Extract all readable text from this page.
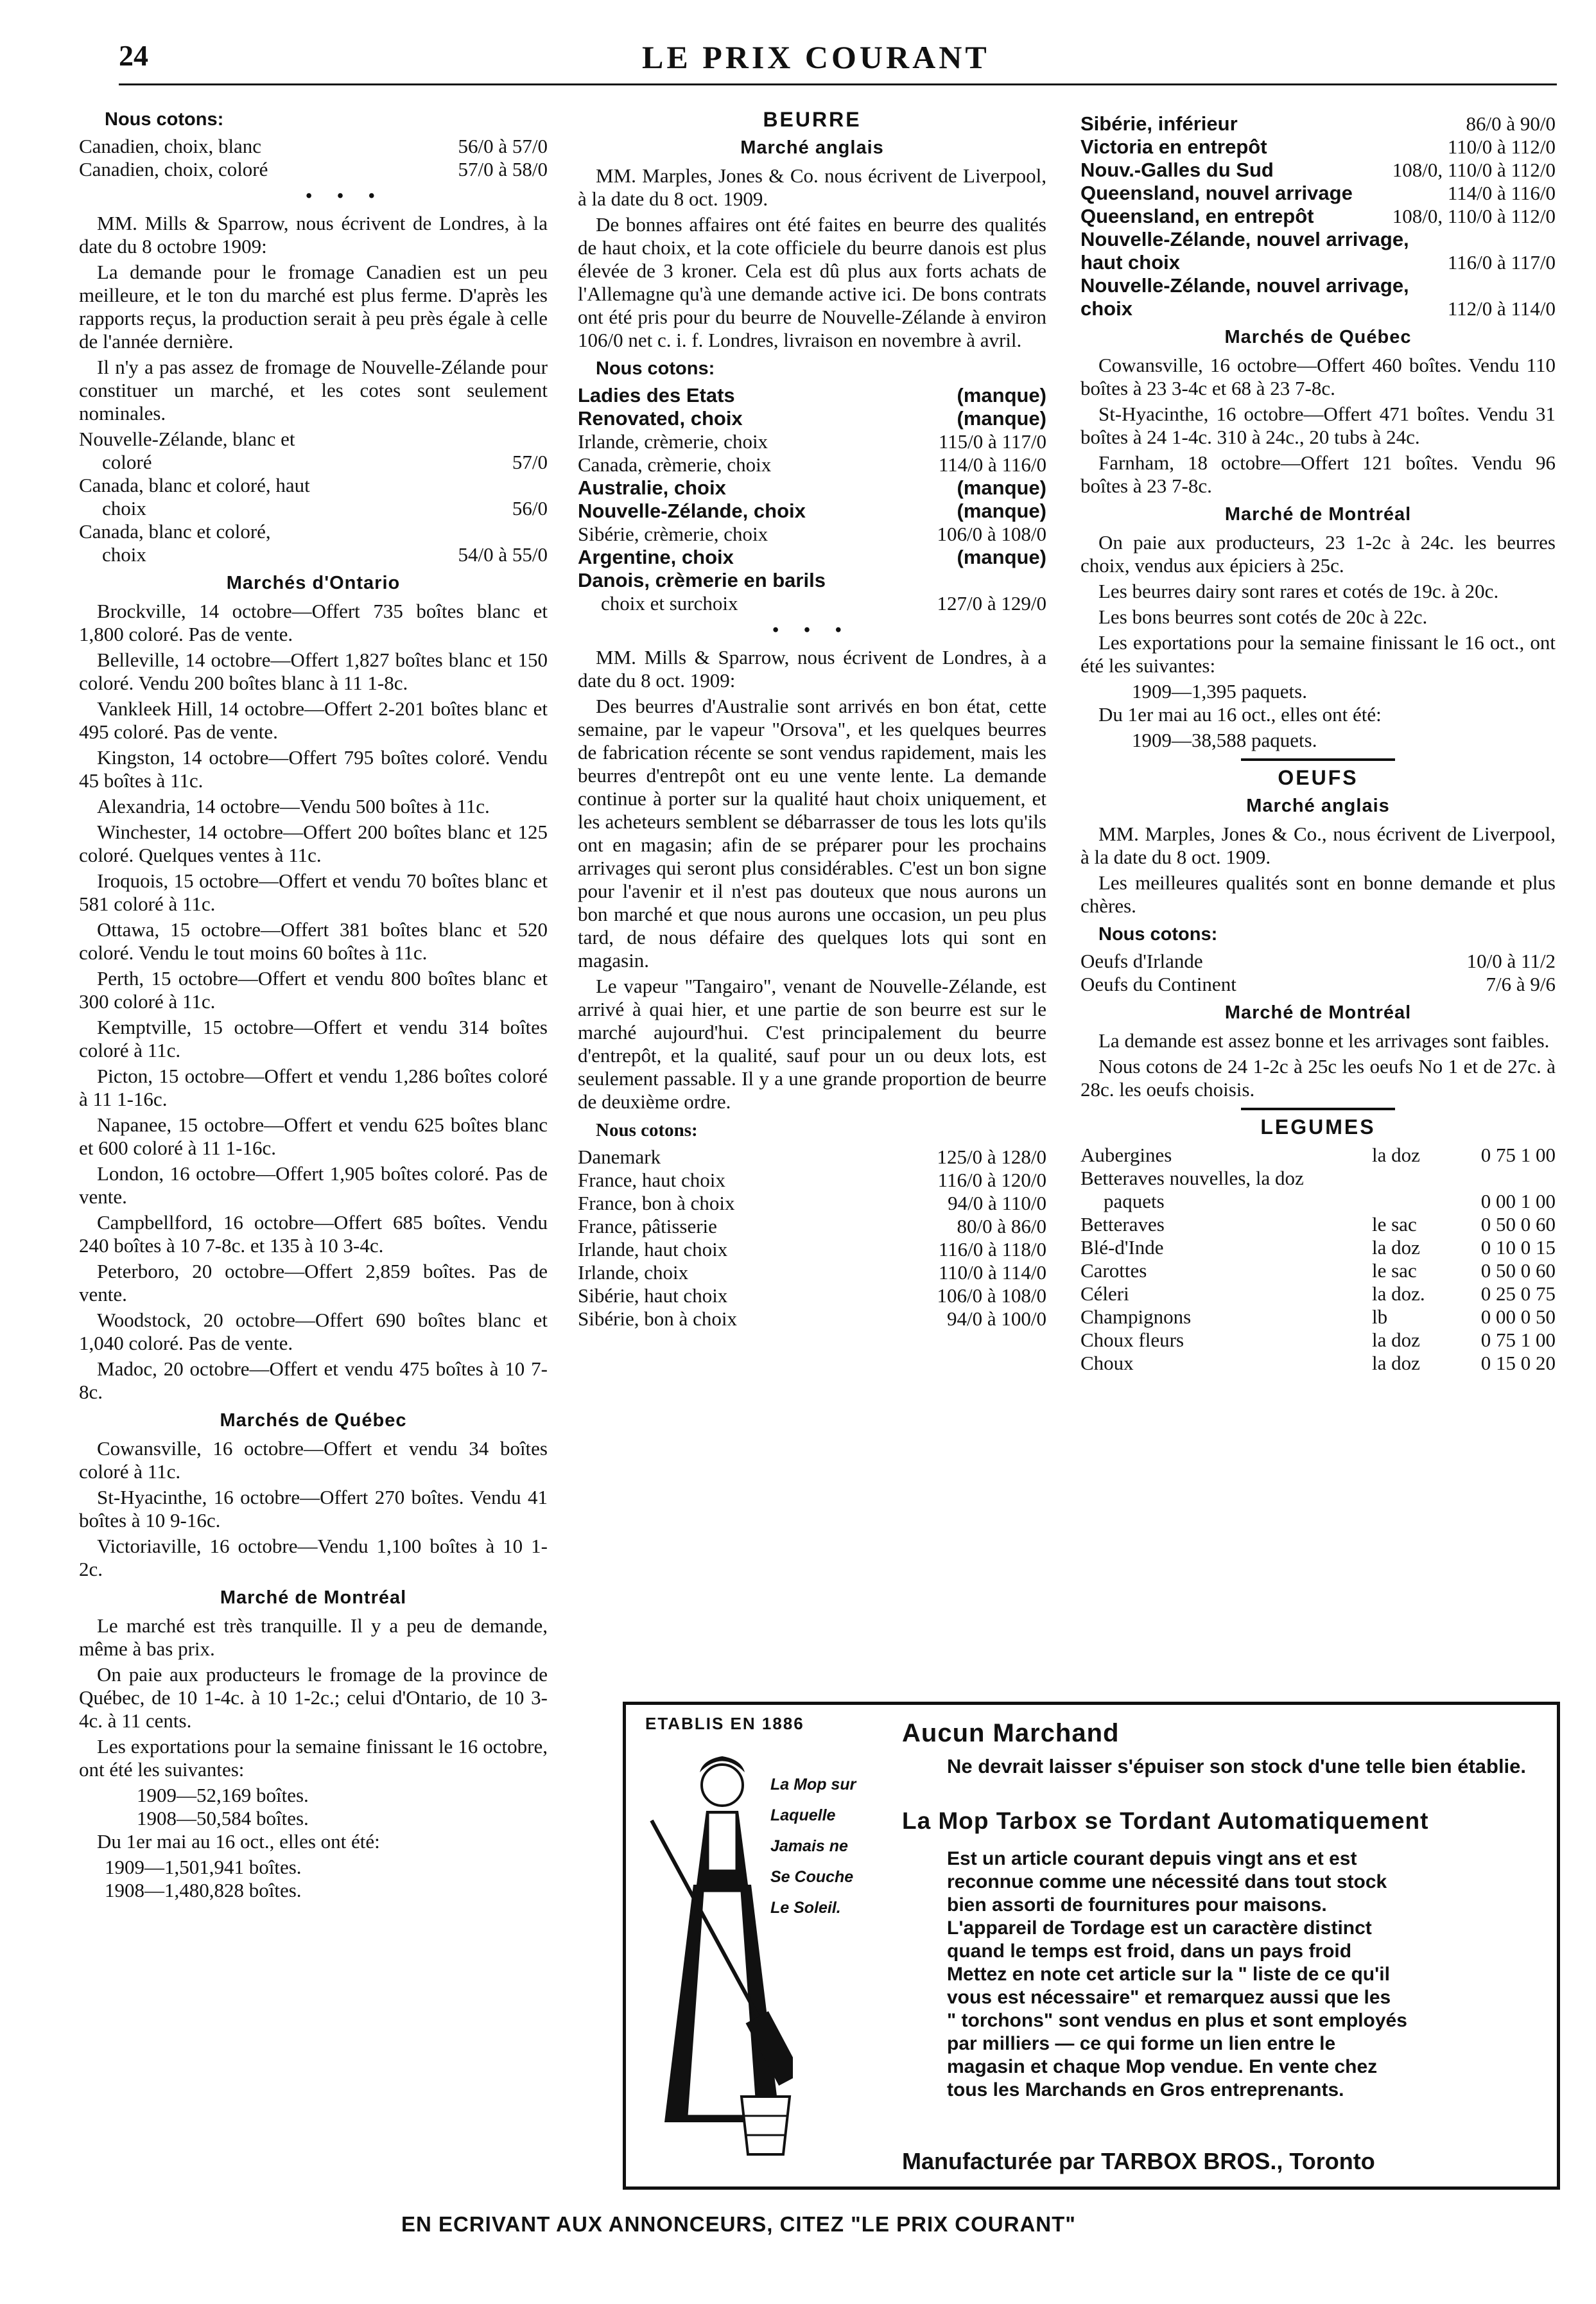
24	LE PRIX COURANT
Nous cotons:
Canadien, choix, blanc	56/0 à 57/0
Canadien, choix, coloré	57/0 à 58/0
• • •

MM. Mills & Sparrow, nous écrivent de Londres, à la date du 8 octobre 1909:

La demande pour le fromage Canadien est un peu meilleure, et le ton du marché est plus ferme. D'après les rapports reçus, la production serait à peu près égale à celle de l'année dernière.

Il n'y a pas assez de fromage de Nouvelle-Zélande pour constituer un marché, et les cotes sont seulement nominales.

Nouvelle-Zélande, blanc et
coloré	57/0
Canada, blanc et coloré, haut
choix	56/0
Canada, blanc et coloré,
choix	54/0 à 55/0
Marchés d'Ontario

Brockville, 14 octobre—Offert 735 boîtes blanc et 1,800 coloré. Pas de vente.

Belleville, 14 octobre—Offert 1,827 boîtes blanc et 150 coloré. Vendu 200 boîtes blanc à 11 1-8c.

Vankleek Hill, 14 octobre—Offert 2-201 boîtes blanc et 495 coloré. Pas de vente.

Kingston, 14 octobre—Offert 795 boîtes coloré. Vendu 45 boîtes à 11c.

Alexandria, 14 octobre—Vendu 500 boîtes à 11c.

Winchester, 14 octobre—Offert 200 boîtes blanc et 125 coloré. Quelques ventes à 11c.

Iroquois, 15 octobre—Offert et vendu 70 boîtes blanc et 581 coloré à 11c.

Ottawa, 15 octobre—Offert 381 boîtes blanc et 520 coloré. Vendu le tout moins 60 boîtes à 11c.

Perth, 15 octobre—Offert et vendu 800 boîtes blanc et 300 coloré à 11c.

Kemptville, 15 octobre—Offert et vendu 314 boîtes coloré à 11c.

Picton, 15 octobre—Offert et vendu 1,286 boîtes coloré à 11 1-16c.

Napanee, 15 octobre—Offert et vendu 625 boîtes blanc et 600 coloré à 11 1-16c.

London, 16 octobre—Offert 1,905 boîtes coloré. Pas de vente.

Campbellford, 16 octobre—Offert 685 boîtes. Vendu 240 boîtes à 10 7-8c. et 135 à 10 3-4c.

Peterboro, 20 octobre—Offert 2,859 boîtes. Pas de vente.

Woodstock, 20 octobre—Offert 690 boîtes blanc et 1,040 coloré. Pas de vente.

Madoc, 20 octobre—Offert et vendu 475 boîtes à 10 7-8c.

Marchés de Québec

Cowansville, 16 octobre—Offert et vendu 34 boîtes coloré à 11c.

St-Hyacinthe, 16 octobre—Offert 270 boîtes. Vendu 41 boîtes à 10 9-16c.

Victoriaville, 16 octobre—Vendu 1,100 boîtes à 10 1-2c.

Marché de Montréal

Le marché est très tranquille. Il y a peu de demande, même à bas prix.

On paie aux producteurs le fromage de la province de Québec, de 10 1-4c. à 10 1-2c.; celui d'Ontario, de 10 3-4c. à 11 cents.

Les exportations pour la semaine finissant le 16 octobre, ont été les suivantes:

1909—52,169 boîtes.
1908—50,584 boîtes.

Du 1er mai au 16 oct., elles ont été:

1909—1,501,941 boîtes.
1908—1,480,828 boîtes.
BEURRE
Marché anglais

MM. Marples, Jones & Co. nous écrivent de Liverpool, à la date du 8 oct. 1909.

De bonnes affaires ont été faites en beurre des qualités de haut choix, et la cote officiele du beurre danois est plus élevée de 3 kroner. Cela est dû plus aux forts achats de l'Allemagne qu'à une demande active ici. De bons contrats ont été pris pour du beurre de Nouvelle-Zélande à environ 106/0 net c. i. f. Londres, livraison en novembre à avril.

Nous cotons:
Ladies des Etats	(manque)
Renovated, choix	(manque)
Irlande, crèmerie, choix	115/0 à 117/0
Canada, crèmerie, choix	114/0 à 116/0
Australie, choix	(manque)
Nouvelle-Zélande, choix	(manque)
Sibérie, crèmerie, choix	106/0 à 108/0
Argentine, choix	(manque)
Danois, crèmerie en barils
choix et surchoix	127/0 à 129/0
• • •

MM. Mills & Sparrow, nous écrivent de Londres, à a date du 8 oct. 1909:

Des beurres d'Australie sont arrivés en bon état, cette semaine, par le vapeur "Orsova", et les quelques beurres de fabrication récente se sont vendus rapidement, mais les beurres d'entrepôt ont eu une vente lente. La demande continue à porter sur la qualité haut choix uniquement, et les acheteurs semblent se débarrasser de tous les lots qu'ils ont en magasin; afin de se préparer pour les prochains arrivages qui seront plus considérables. C'est un bon signe pour l'avenir et il n'est pas douteux que nous aurons un bon marché et que nous aurons une occasion, un peu plus tard, de nous défaire des quelques lots qui sont en magasin.

Le vapeur "Tangairo", venant de Nouvelle-Zélande, est arrivé à quai hier, et une partie de son beurre est sur le marché aujourd'hui. C'est principalement du beurre d'entrepôt, et la qualité, sauf pour un ou deux lots, est seulement passable. Il y a une grande proportion de beurre de deuxième ordre.

Nous cotons:
Danemark	125/0 à 128/0
France, haut choix	116/0 à 120/0
France, bon à choix	94/0 à 110/0
France, pâtisserie	80/0 à 86/0
Irlande, haut choix	116/0 à 118/0
Irlande, choix	110/0 à 114/0
Sibérie, haut choix	106/0 à 108/0
Sibérie, bon à choix	94/0 à 100/0
Sibérie, inférieur	86/0 à 90/0
Victoria en entrepôt	110/0 à 112/0
Nouv.-Galles du Sud	108/0, 110/0 à 112/0
Queensland, nouvel arrivage	114/0 à 116/0
Queensland, en entrepôt	108/0, 110/0 à 112/0
Nouvelle-Zélande, nouvel arrivage, haut choix	116/0 à 117/0
Nouvelle-Zélande, nouvel arrivage, choix	112/0 à 114/0
Marchés de Québec

Cowansville, 16 octobre—Offert 460 boîtes. Vendu 110 boîtes à 23 3-4c et 68 à 23 7-8c.

St-Hyacinthe, 16 octobre—Offert 471 boîtes. Vendu 31 boîtes à 24 1-4c. 310 à 24c., 20 tubs à 24c.

Farnham, 18 octobre—Offert 121 boîtes. Vendu 96 boîtes à 23 7-8c.

Marché de Montréal

On paie aux producteurs, 23 1-2c à 24c. les beurres choix, vendus aux épiciers à 25c.

Les beurres dairy sont rares et cotés de 19c. à 20c.

Les bons beurres sont cotés de 20c à 22c.

Les exportations pour la semaine finissant le 16 oct., ont été les suivantes:

1909—1,395 paquets.

Du 1er mai au 16 oct., elles ont été:

1909—38,588 paquets.
OEUFS
Marché anglais

MM. Marples, Jones & Co., nous écrivent de Liverpool, à la date du 8 oct. 1909.

Les meilleures qualités sont en bonne demande et plus chères.

Nous cotons:
Oeufs d'Irlande	10/0 à 11/2
Oeufs du Continent	7/6 à 9/6
Marché de Montréal

La demande est assez bonne et les arrivages sont faibles.

Nous cotons de 24 1-2c à 25c les oeufs No 1 et de 27c. à 28c. les oeufs choisis.

LEGUMES
Aubergines	la doz	0 75 1 00
Betteraves nouvelles, la doz
paquets	0 00 1 00
Betteraves	le sac	0 50 0 60
Blé-d'Inde	la doz	0 10 0 15
Carottes	le sac	0 50 0 60
Céleri	la doz.	0 25 0 75
Champignons	lb	0 00 0 50
Choux fleurs	la doz	0 75 1 00
Choux	la doz	0 15 0 20
ETABLIS EN 1886
La Mop sur
Laquelle
Jamais ne
Se Couche
Le Soleil.
Aucun Marchand
Ne devrait laisser s'épuiser son stock d'une telle bien établie.
La Mop Tarbox se Tordant Automatiquement
Est un article courant depuis vingt ans et est
reconnue comme une nécessité dans tout stock
bien assorti de fournitures pour maisons.
L'appareil de Tordage est un caractère distinct
quand le temps est froid, dans un pays froid
Mettez en note cet article sur la " liste de ce qu'il
vous est nécessaire" et remarquez aussi que les
" torchons" sont vendus en plus et sont employés
par milliers — ce qui forme un lien entre le
magasin et chaque Mop vendue. En vente chez
tous les Marchands en Gros entreprenants.
Manufacturée par TARBOX BROS., Toronto
EN ECRIVANT AUX ANNONCEURS, CITEZ "LE PRIX COURANT"
